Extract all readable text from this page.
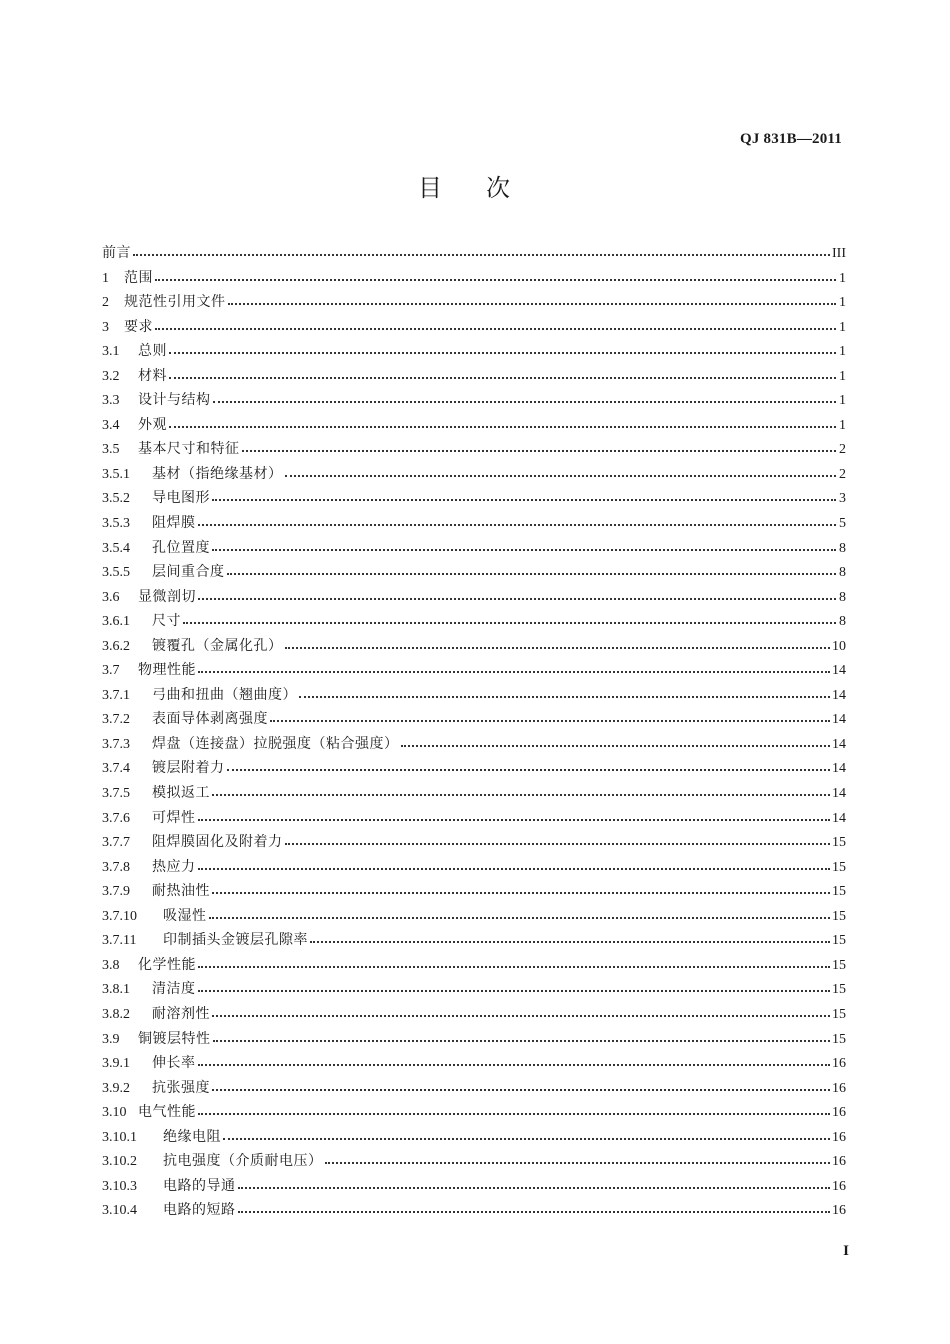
QJ 831B—2011
目次
前言	III
1	范围	1
2	规范性引用文件	1
3	要求	1
3.1	总则	1
3.2	材料	1
3.3	设计与结构	1
3.4	外观	1
3.5	基本尺寸和特征	2
3.5.1	基材（指绝缘基材）	2
3.5.2	导电图形	3
3.5.3	阻焊膜	5
3.5.4	孔位置度	8
3.5.5	层间重合度	8
3.6	显微剖切	8
3.6.1	尺寸	8
3.6.2	镀覆孔（金属化孔）	10
3.7	物理性能	14
3.7.1	弓曲和扭曲（翘曲度）	14
3.7.2	表面导体剥离强度	14
3.7.3	焊盘（连接盘）拉脱强度（粘合强度）	14
3.7.4	镀层附着力	14
3.7.5	模拟返工	14
3.7.6	可焊性	14
3.7.7	阻焊膜固化及附着力	15
3.7.8	热应力	15
3.7.9	耐热油性	15
3.7.10	吸湿性	15
3.7.11	印制插头金镀层孔隙率	15
3.8	化学性能	15
3.8.1	清洁度	15
3.8.2	耐溶剂性	15
3.9	铜镀层特性	15
3.9.1	伸长率	16
3.9.2	抗张强度	16
3.10 电气性能	16
3.10.1	绝缘电阻	16
3.10.2	抗电强度（介质耐电压）	16
3.10.3	电路的导通	16
3.10.4	电路的短路	16
I
